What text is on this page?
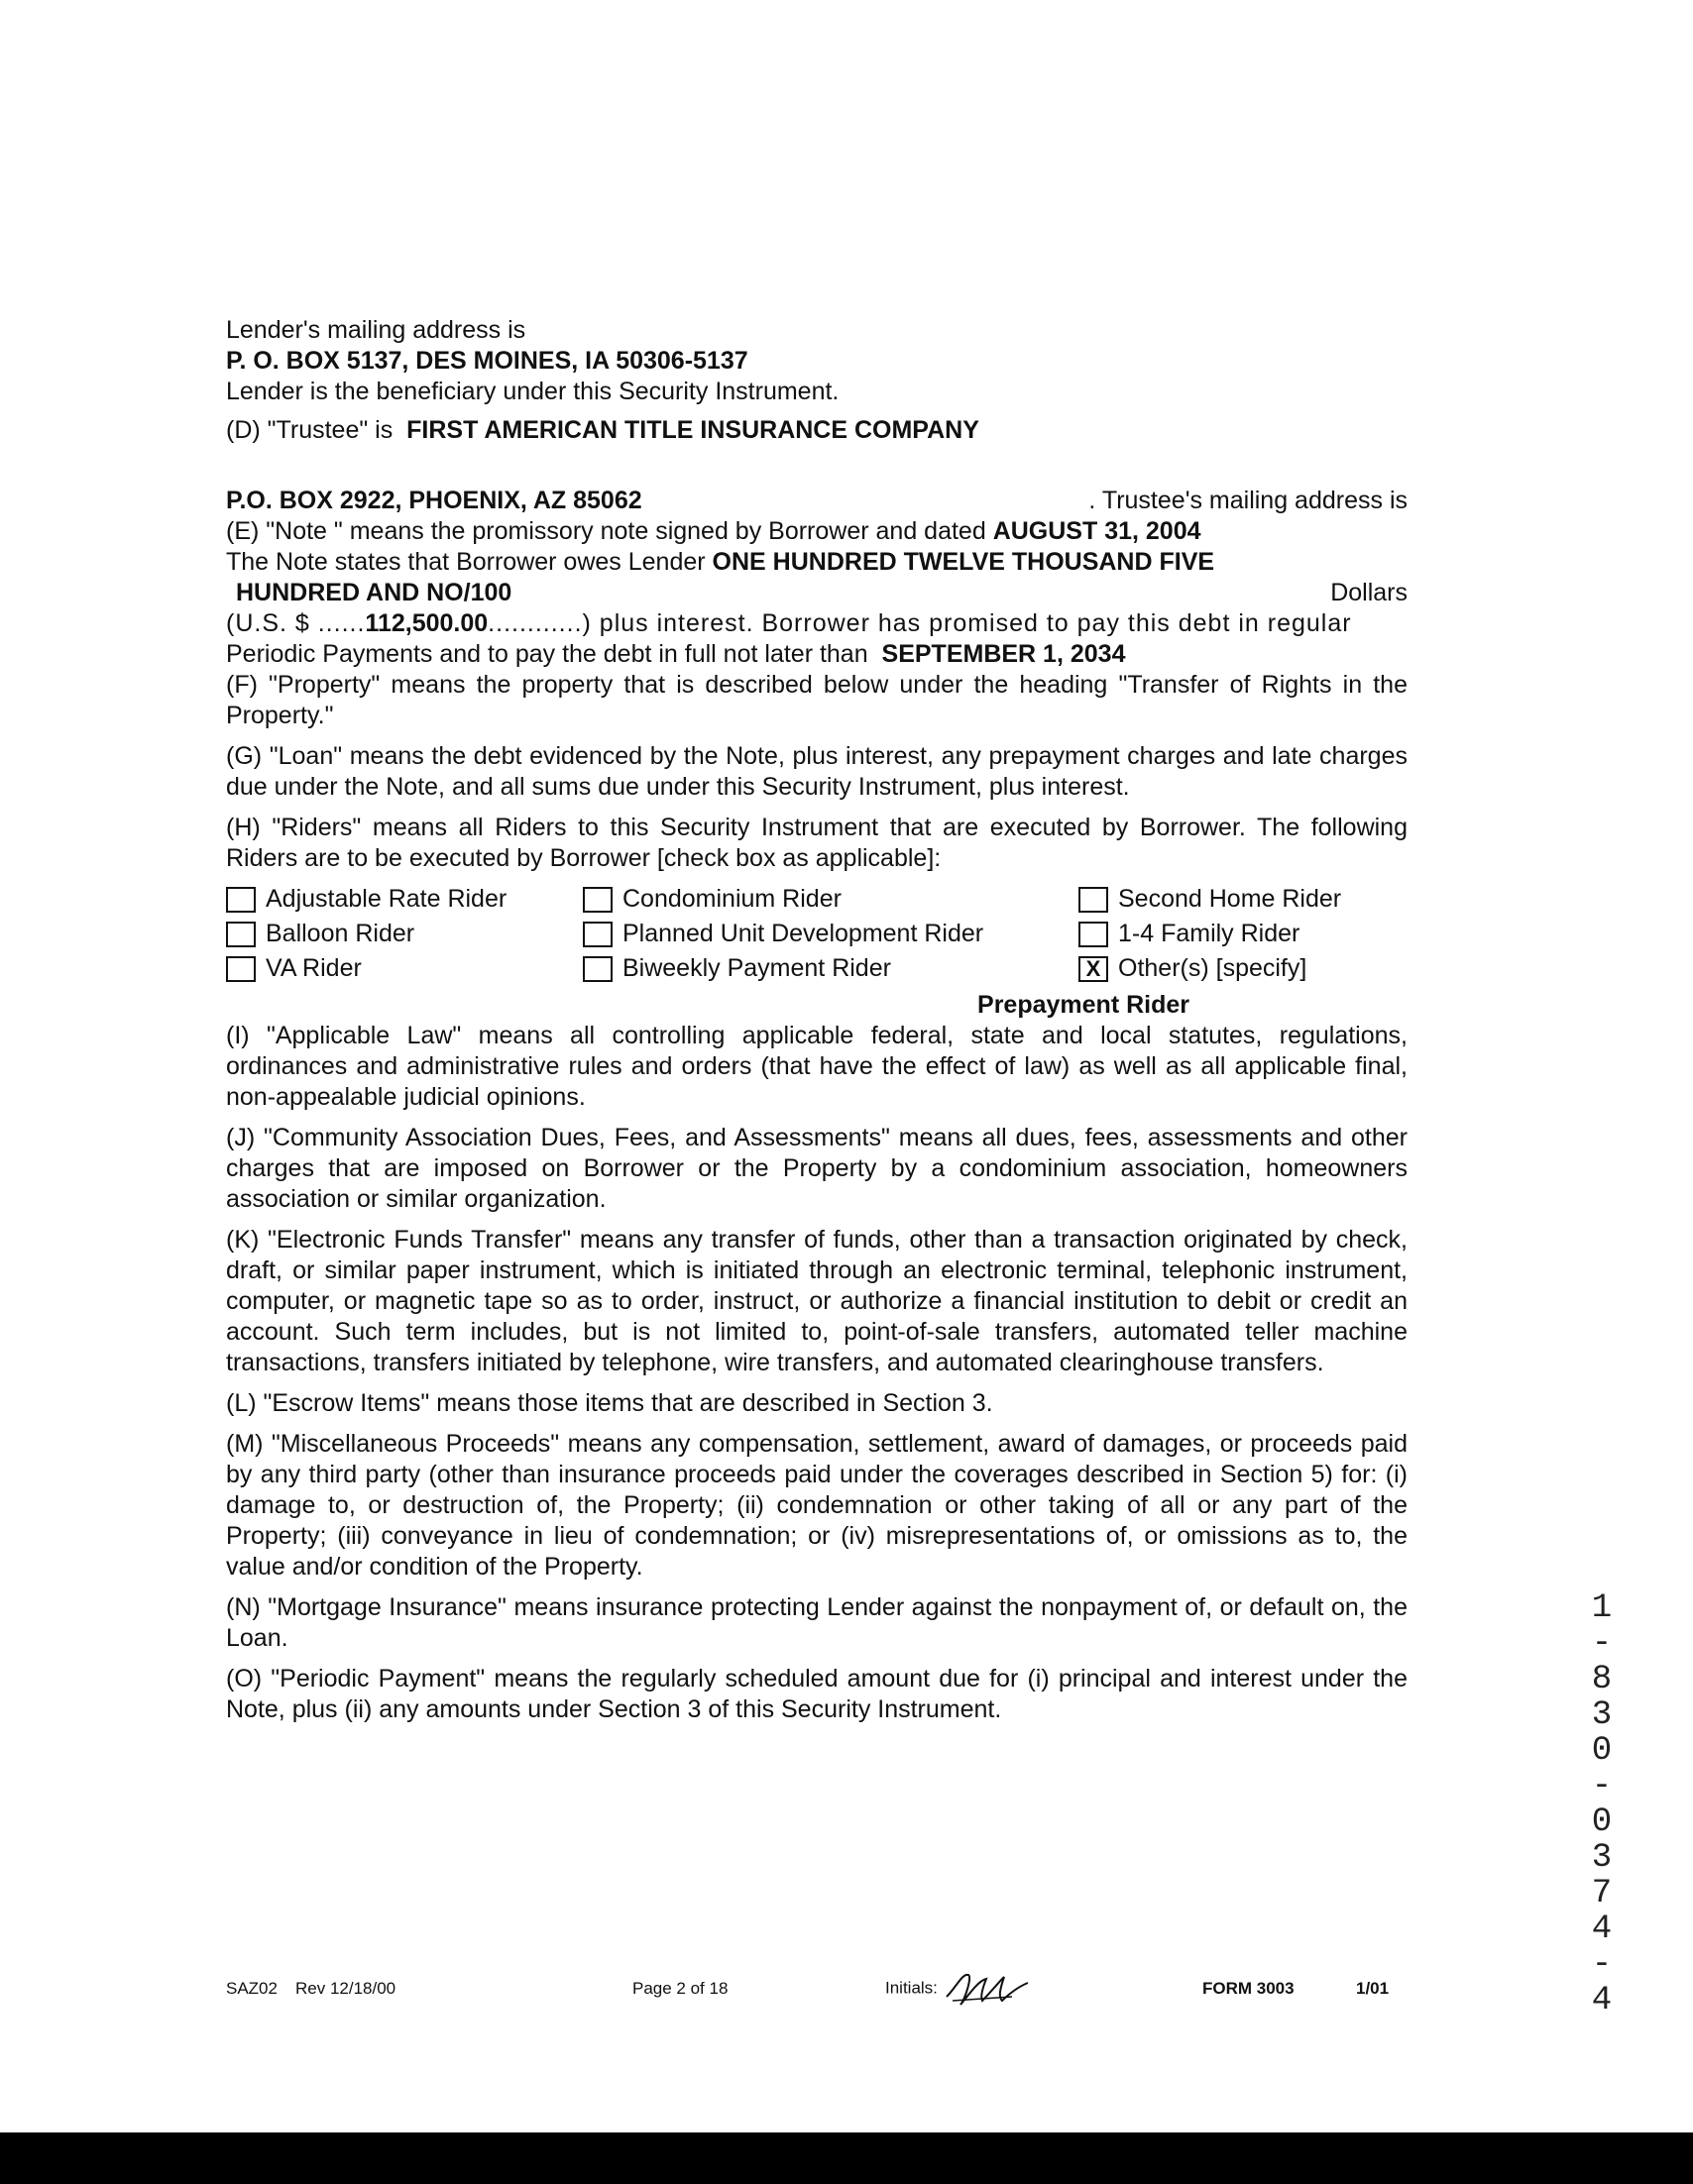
Lender's mailing address is

P. O. BOX 5137, DES MOINES, IA 50306-5137

Lender is the beneficiary under this Security Instrument.

(D) "Trustee" is FIRST AMERICAN TITLE INSURANCE COMPANY

P.O. BOX 2922, PHOENIX, AZ 85062	. Trustee's mailing address is

(E) "Note " means the promissory note signed by Borrower and dated AUGUST 31, 2004

The Note states that Borrower owes Lender ONE HUNDRED TWELVE THOUSAND FIVE

HUNDRED AND NO/100	Dollars

(U.S. $ ......112,500.00............) plus interest. Borrower has promised to pay this debt in regular

Periodic Payments and to pay the debt in full not later than SEPTEMBER 1, 2034

(F) "Property" means the property that is described below under the heading "Transfer of Rights in the Property."

(G) "Loan" means the debt evidenced by the Note, plus interest, any prepayment charges and late charges due under the Note, and all sums due under this Security Instrument, plus interest.

(H) "Riders" means all Riders to this Security Instrument that are executed by Borrower. The following Riders are to be executed by Borrower [check box as applicable]:

Adjustable Rate Rider	Condominium Rider	Second Home Rider
Balloon Rider	Planned Unit Development Rider	1-4 Family Rider
VA Rider	Biweekly Payment Rider	X Other(s) [specify]

Prepayment Rider

(I) "Applicable Law" means all controlling applicable federal, state and local statutes, regulations, ordinances and administrative rules and orders (that have the effect of law) as well as all applicable final, non-appealable judicial opinions.

(J) "Community Association Dues, Fees, and Assessments" means all dues, fees, assessments and other charges that are imposed on Borrower or the Property by a condominium association, homeowners association or similar organization.

(K) "Electronic Funds Transfer" means any transfer of funds, other than a transaction originated by check, draft, or similar paper instrument, which is initiated through an electronic terminal, telephonic instrument, computer, or magnetic tape so as to order, instruct, or authorize a financial institution to debit or credit an account. Such term includes, but is not limited to, point-of-sale transfers, automated teller machine transactions, transfers initiated by telephone, wire transfers, and automated clearinghouse transfers.

(L) "Escrow Items" means those items that are described in Section 3.

(M) "Miscellaneous Proceeds" means any compensation, settlement, award of damages, or proceeds paid by any third party (other than insurance proceeds paid under the coverages described in Section 5) for: (i) damage to, or destruction of, the Property; (ii) condemnation or other taking of all or any part of the Property; (iii) conveyance in lieu of condemnation; or (iv) misrepresentations of, or omissions as to, the value and/or condition of the Property.

(N) "Mortgage Insurance" means insurance protecting Lender against the nonpayment of, or default on, the Loan.

(O) "Periodic Payment" means the regularly scheduled amount due for (i) principal and interest under the Note, plus (ii) any amounts under Section 3 of this Security Instrument.

SAZ02	Rev 12/18/00	Page 2 of 18	Initials:	FORM 3003	1/01
1
-
8
3
0
-
0
3
7
4
-
4
